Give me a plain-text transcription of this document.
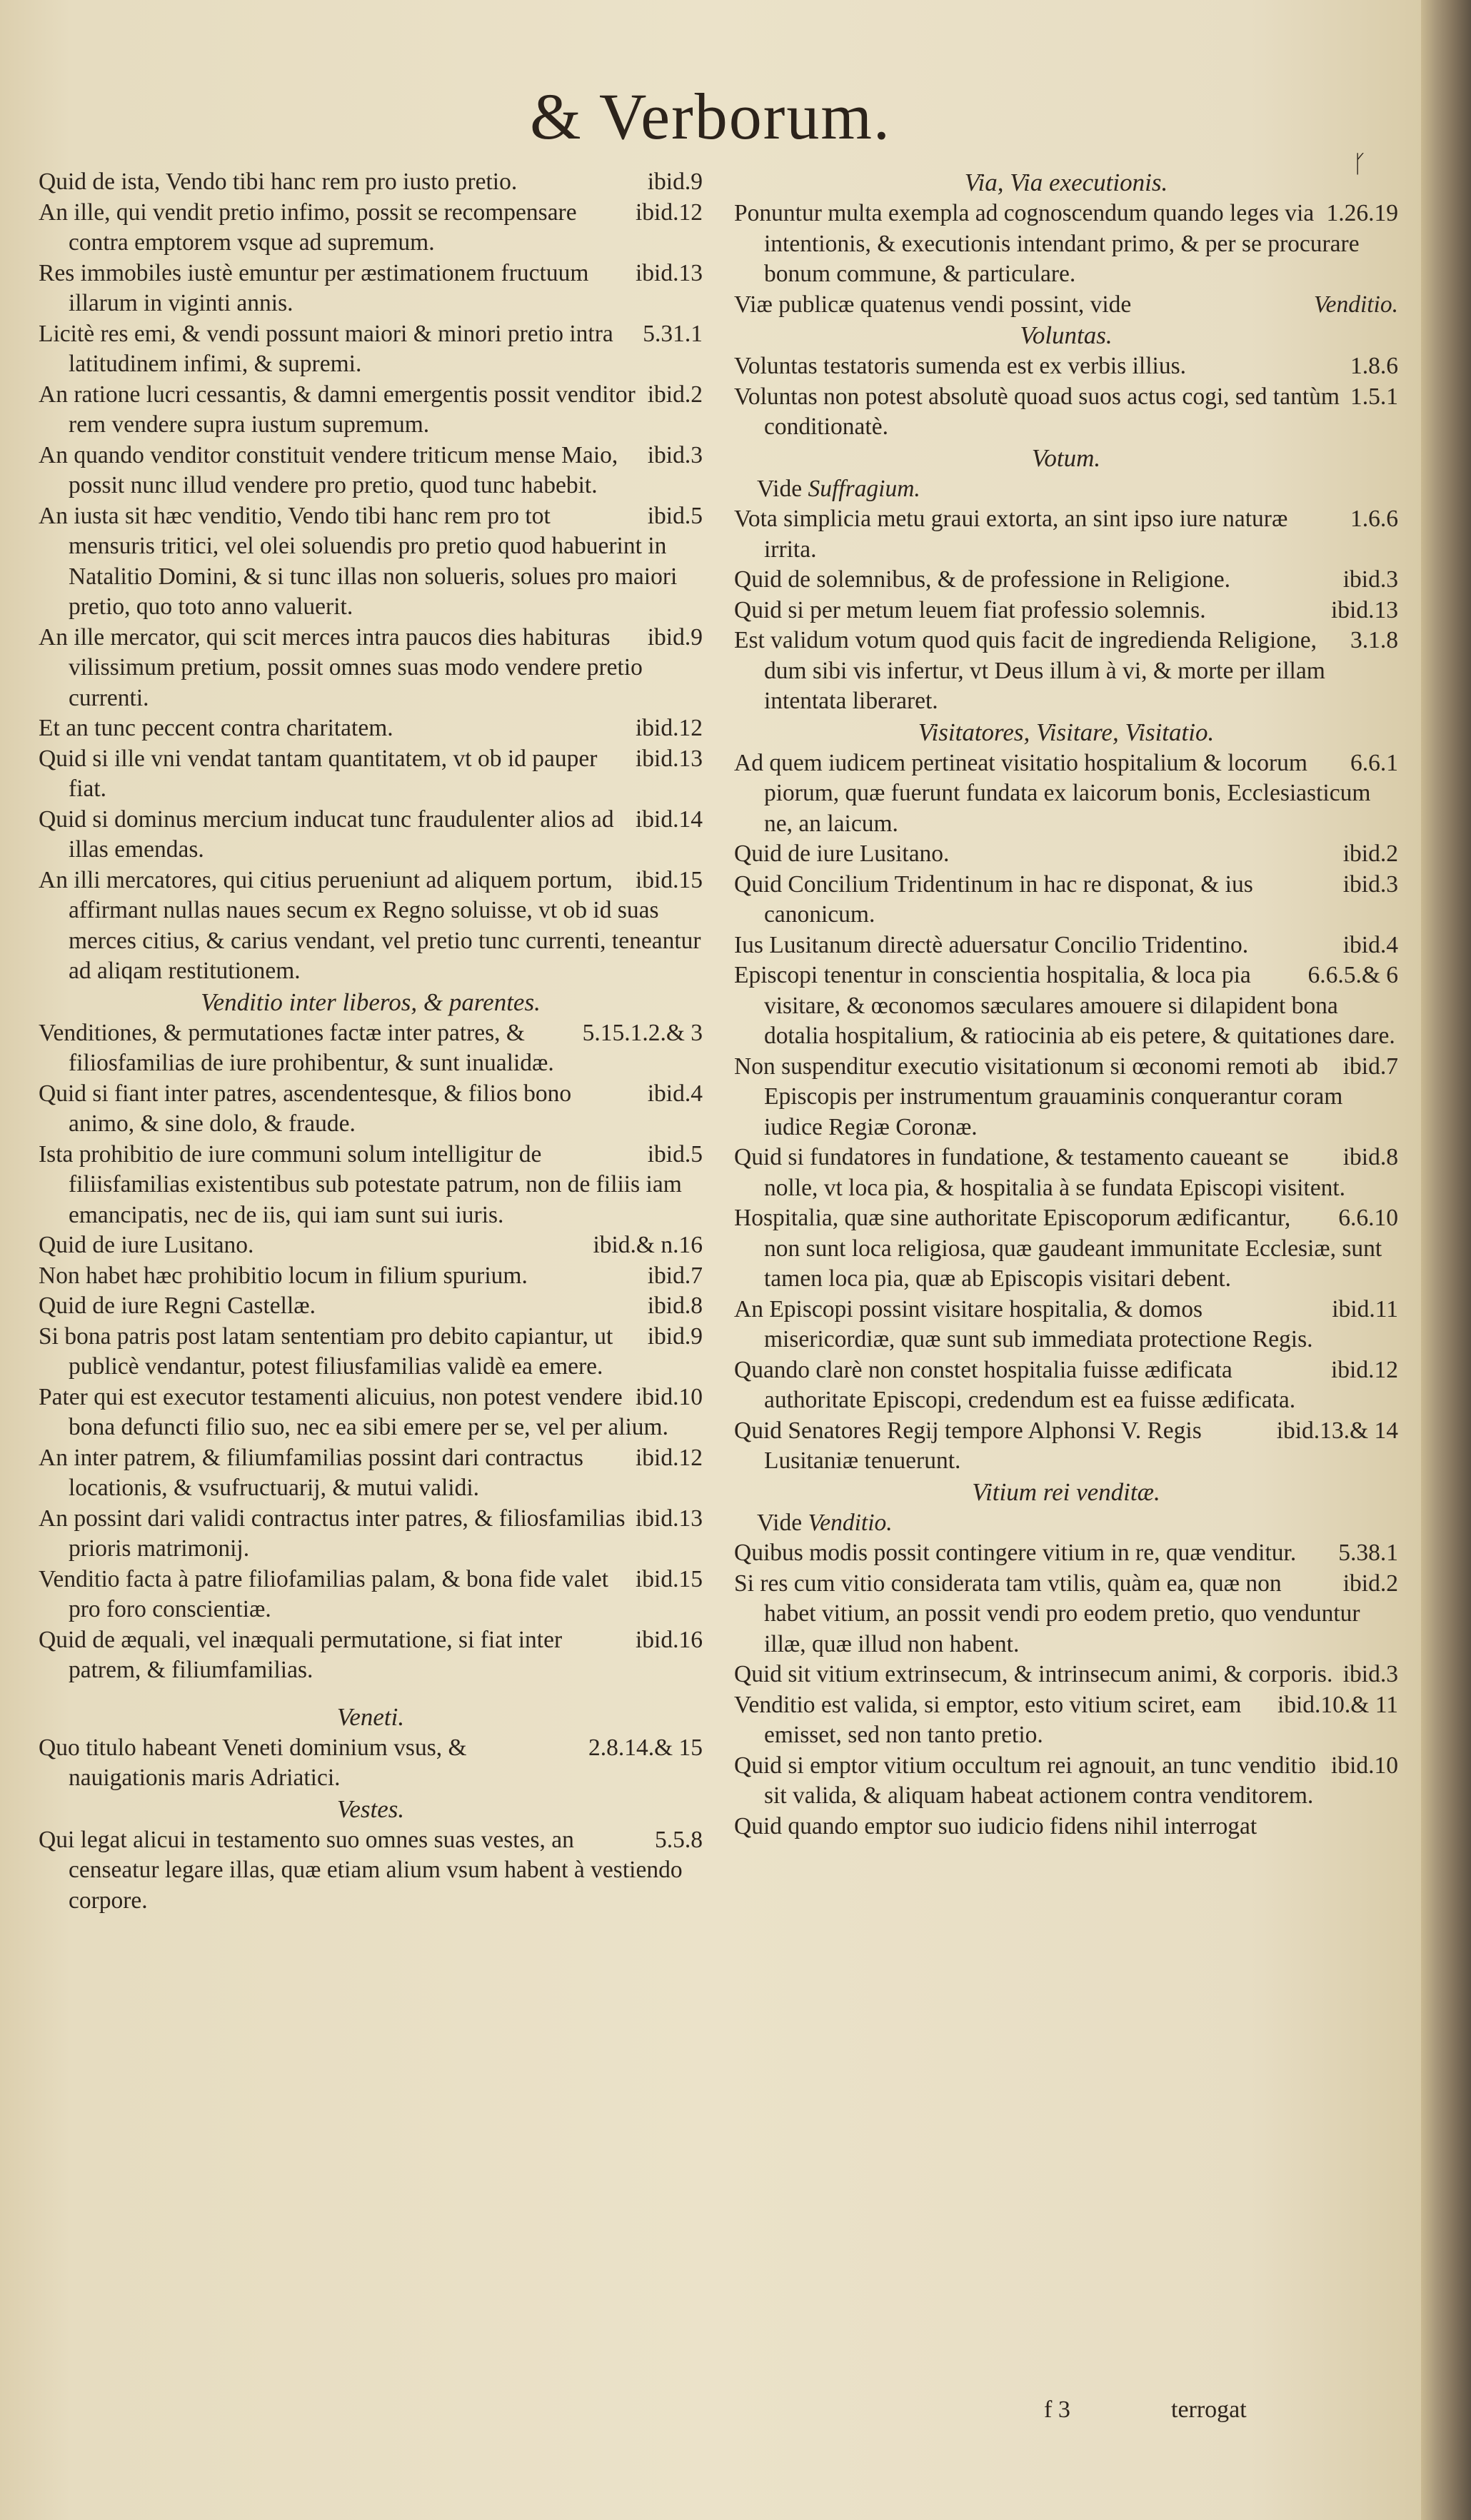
& Verborum.
ᚴ
ibid.9
Quid de ista, Vendo tibi hanc rem pro iusto pretio.
ibid.12
An ille, qui vendit pretio infimo, possit se recompensare contra emptorem vsque ad supremum.
ibid.13
Res immobiles iustè emuntur per æstimationem fructuum illarum in viginti annis.
5.31.1
Licitè res emi, & vendi possunt maiori & minori pretio intra latitudinem infimi, & supremi.
ibid.2
An ratione lucri cessantis, & damni emergentis possit venditor rem vendere supra iustum supremum.
ibid.3
An quando venditor constituit vendere triticum mense Maio, possit nunc illud vendere pro pretio, quod tunc habebit.
ibid.5
An iusta sit hæc venditio, Vendo tibi hanc rem pro tot mensuris tritici, vel olei soluendis pro pretio quod habuerint in Natalitio Domini, & si tunc illas non solueris, solues pro maiori pretio, quo toto anno valuerit.
ibid.9
An ille mercator, qui scit merces intra paucos dies habituras vilissimum pretium, possit omnes suas modo vendere pretio currenti.
ibid.12
Et an tunc peccent contra charitatem.
ibid.13
Quid si ille vni vendat tantam quantitatem, vt ob id pauper fiat.
ibid.14
Quid si dominus mercium inducat tunc fraudulenter alios ad illas emendas.
ibid.15
An illi mercatores, qui citius perueniunt ad aliquem portum, affirmant nullas naues secum ex Regno soluisse, vt ob id suas merces citius, & carius vendant, vel pretio tunc currenti, teneantur ad aliqam restitutionem.
Venditio inter liberos, & parentes.
5.15.1.2.& 3
Venditiones, & permutationes factæ inter patres, & filiosfamilias de iure prohibentur, & sunt inualidæ.
ibid.4
Quid si fiant inter patres, ascendentesque, & filios bono animo, & sine dolo, & fraude.
ibid.5
Ista prohibitio de iure communi solum intelligitur de filiisfamilias existentibus sub potestate patrum, non de filiis iam emancipatis, nec de iis, qui iam sunt sui iuris.
ibid.& n.16
Quid de iure Lusitano.
ibid.7
Non habet hæc prohibitio locum in filium spurium.
ibid.8
Quid de iure Regni Castellæ.
ibid.9
Si bona patris post latam sententiam pro debito capiantur, ut publicè vendantur, potest filiusfamilias validè ea emere.
ibid.10
Pater qui est executor testamenti alicuius, non potest vendere bona defuncti filio suo, nec ea sibi emere per se, vel per alium.
ibid.12
An inter patrem, & filiumfamilias possint dari contractus locationis, & vsufructuarij, & mutui validi.
ibid.13
An possint dari validi contractus inter patres, & filiosfamilias prioris matrimonij.
ibid.15
Venditio facta à patre filiofamilias palam, & bona fide valet pro foro conscientiæ.
ibid.16
Quid de æquali, vel inæquali permutatione, si fiat inter patrem, & filiumfamilias.
Veneti.
2.8.14.& 15
Quo titulo habeant Veneti dominium vsus, & nauigationis maris Adriatici.
Vestes.
5.5.8
Qui legat alicui in testamento suo omnes suas vestes, an censeatur legare illas, quæ etiam alium vsum habent à vestiendo corpore.
Via, Via executionis.
1.26.19
Ponuntur multa exempla ad cognoscendum quando leges via intentionis, & executionis intendant primo, & per se procurare bonum commune, & particulare.
Venditio.
Viæ publicæ quatenus vendi possint, vide
Voluntas.
1.8.6
Voluntas testatoris sumenda est ex verbis illius.
1.5.1
Voluntas non potest absolutè quoad suos actus cogi, sed tantùm conditionatè.
Votum.
Vide Suffragium.
1.6.6
Vota simplicia metu graui extorta, an sint ipso iure naturæ irrita.
ibid.3
Quid de solemnibus, & de professione in Religione.
ibid.13
Quid si per metum leuem fiat professio solemnis.
3.1.8
Est validum votum quod quis facit de ingredienda Religione, dum sibi vis infertur, vt Deus illum à vi, & morte per illam intentata liberaret.
Visitatores, Visitare, Visitatio.
6.6.1
Ad quem iudicem pertineat visitatio hospitalium & locorum piorum, quæ fuerunt fundata ex laicorum bonis, Ecclesiasticum ne, an laicum.
ibid.2
Quid de iure Lusitano.
ibid.3
Quid Concilium Tridentinum in hac re disponat, & ius canonicum.
ibid.4
Ius Lusitanum directè aduersatur Concilio Tridentino.
6.6.5.& 6
Episcopi tenentur in conscientia hospitalia, & loca pia visitare, & œconomos sæculares amouere si dilapident bona dotalia hospitalium, & ratiocinia ab eis petere, & quitationes dare.
ibid.7
Non suspenditur executio visitationum si œconomi remoti ab Episcopis per instrumentum grauaminis conquerantur coram iudice Regiæ Coronæ.
ibid.8
Quid si fundatores in fundatione, & testamento caueant se nolle, vt loca pia, & hospitalia à se fundata Episcopi visitent.
6.6.10
Hospitalia, quæ sine authoritate Episcoporum ædificantur, non sunt loca religiosa, quæ gaudeant immunitate Ecclesiæ, sunt tamen loca pia, quæ ab Episcopis visitari debent.
ibid.11
An Episcopi possint visitare hospitalia, & domos misericordiæ, quæ sunt sub immediata protectione Regis.
ibid.12
Quando clarè non constet hospitalia fuisse ædificata authoritate Episcopi, credendum est ea fuisse ædificata.
ibid.13.& 14
Quid Senatores Regij tempore Alphonsi V. Regis Lusitaniæ tenuerunt.
Vitium rei venditæ.
Vide Venditio.
5.38.1
Quibus modis possit contingere vitium in re, quæ venditur.
ibid.2
Si res cum vitio considerata tam vtilis, quàm ea, quæ non habet vitium, an possit vendi pro eodem pretio, quo venduntur illæ, quæ illud non habent.
ibid.3
Quid sit vitium extrinsecum, & intrinsecum animi, & corporis.
ibid.10.& 11
Venditio est valida, si emptor, esto vitium sciret, eam emisset, sed non tanto pretio.
ibid.10
Quid si emptor vitium occultum rei agnouit, an tunc venditio sit valida, & aliquam habeat actionem contra venditorem.
Quid quando emptor suo iudicio fidens nihil interrogat
f 3	terrogat
